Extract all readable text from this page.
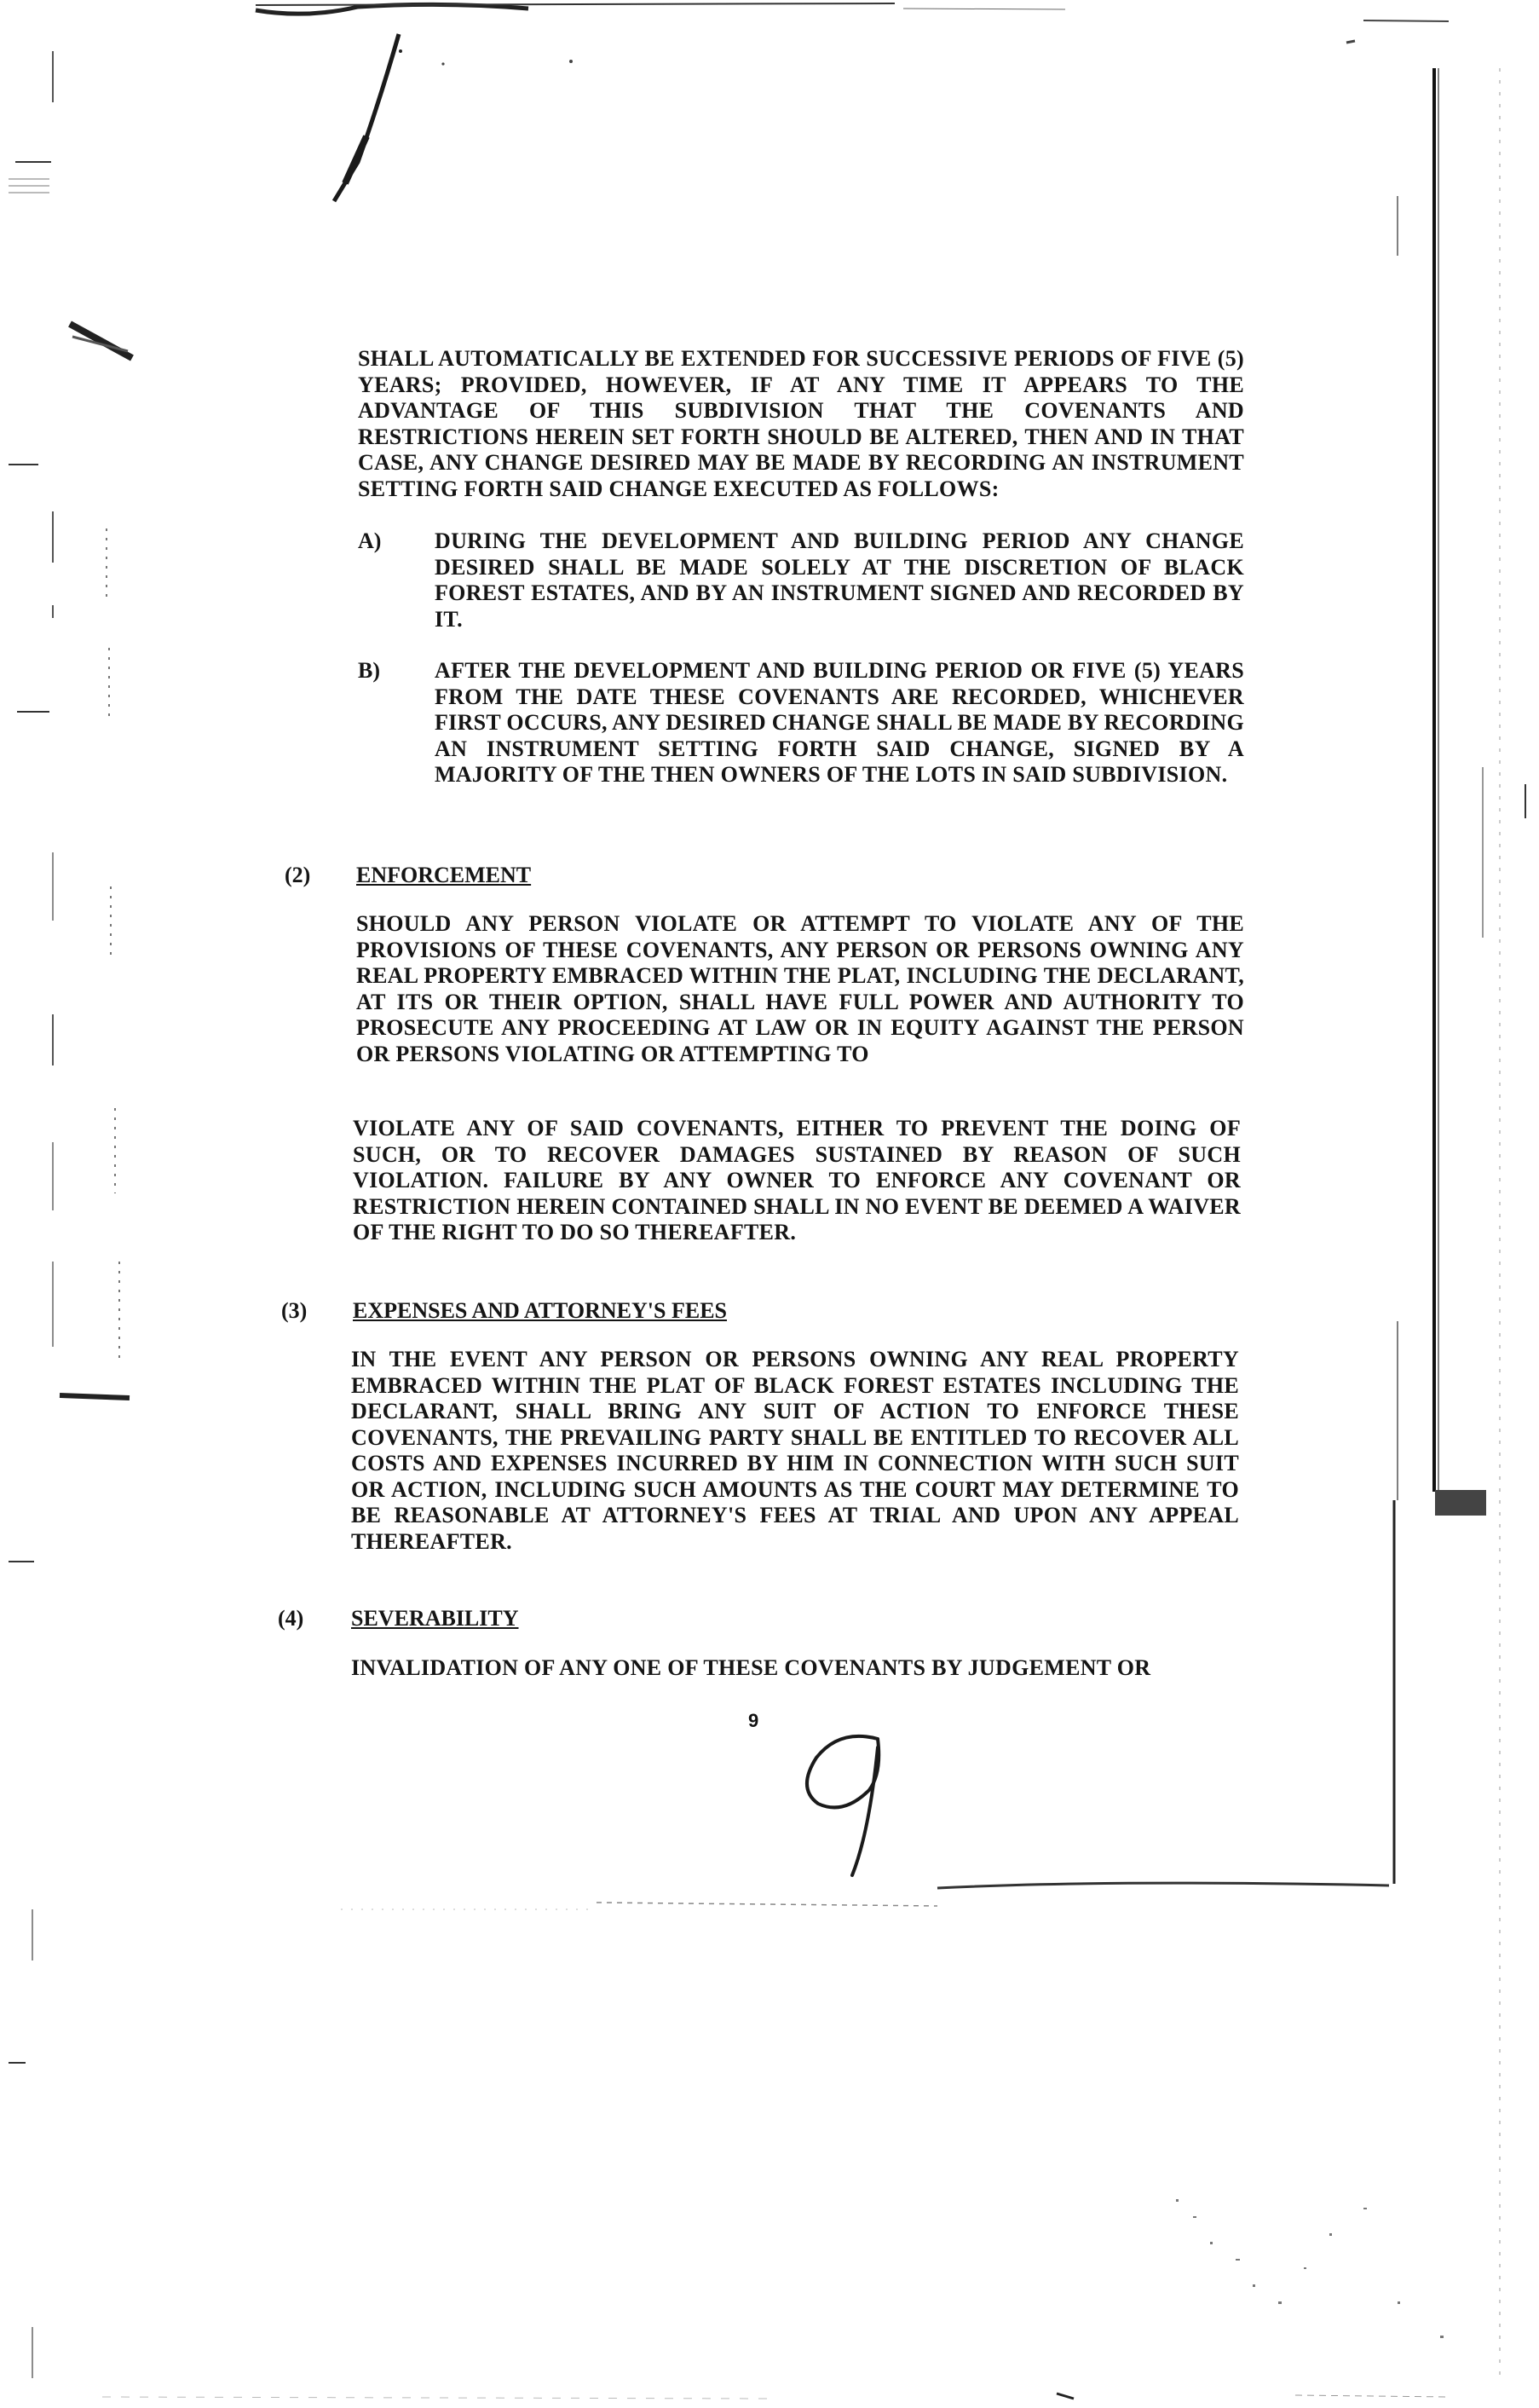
SHALL AUTOMATICALLY BE EXTENDED FOR SUCCESSIVE PERIODS OF FIVE (5) YEARS; PROVIDED, HOWEVER, IF AT ANY TIME IT APPEARS TO THE ADVANTAGE OF THIS SUBDIVISION THAT THE COVENANTS AND RESTRICTIONS HEREIN SET FORTH SHOULD BE ALTERED, THEN AND IN THAT CASE, ANY CHANGE DESIRED MAY BE MADE BY RECORDING AN INSTRUMENT SETTING FORTH SAID CHANGE EXECUTED AS FOLLOWS:
A) DURING THE DEVELOPMENT AND BUILDING PERIOD ANY CHANGE DESIRED SHALL BE MADE SOLELY AT THE DISCRETION OF BLACK FOREST ESTATES, AND BY AN INSTRUMENT SIGNED AND RECORDED BY IT.
B) AFTER THE DEVELOPMENT AND BUILDING PERIOD OR FIVE (5) YEARS FROM THE DATE THESE COVENANTS ARE RECORDED, WHICHEVER FIRST OCCURS, ANY DESIRED CHANGE SHALL BE MADE BY RECORDING AN INSTRUMENT SETTING FORTH SAID CHANGE, SIGNED BY A MAJORITY OF THE THEN OWNERS OF THE LOTS IN SAID SUBDIVISION.
(2) ENFORCEMENT
SHOULD ANY PERSON VIOLATE OR ATTEMPT TO VIOLATE ANY OF THE PROVISIONS OF THESE COVENANTS, ANY PERSON OR PERSONS OWNING ANY REAL PROPERTY EMBRACED WITHIN THE PLAT, INCLUDING THE DECLARANT, AT ITS OR THEIR OPTION, SHALL HAVE FULL POWER AND AUTHORITY TO PROSECUTE ANY PROCEEDING AT LAW OR IN EQUITY AGAINST THE PERSON OR PERSONS VIOLATING OR ATTEMPTING TO
VIOLATE ANY OF SAID COVENANTS, EITHER TO PREVENT THE DOING OF SUCH, OR TO RECOVER DAMAGES SUSTAINED BY REASON OF SUCH VIOLATION. FAILURE BY ANY OWNER TO ENFORCE ANY COVENANT OR RESTRICTION HEREIN CONTAINED SHALL IN NO EVENT BE DEEMED A WAIVER OF THE RIGHT TO DO SO THEREAFTER.
(3) EXPENSES AND ATTORNEY'S FEES
IN THE EVENT ANY PERSON OR PERSONS OWNING ANY REAL PROPERTY EMBRACED WITHIN THE PLAT OF BLACK FOREST ESTATES INCLUDING THE DECLARANT, SHALL BRING ANY SUIT OF ACTION TO ENFORCE THESE COVENANTS, THE PREVAILING PARTY SHALL BE ENTITLED TO RECOVER ALL COSTS AND EXPENSES INCURRED BY HIM IN CONNECTION WITH SUCH SUIT OR ACTION, INCLUDING SUCH AMOUNTS AS THE COURT MAY DETERMINE TO BE REASONABLE AT ATTORNEY'S FEES AT TRIAL AND UPON ANY APPEAL THEREAFTER.
(4) SEVERABILITY
INVALIDATION OF ANY ONE OF THESE COVENANTS BY JUDGEMENT OR
9
